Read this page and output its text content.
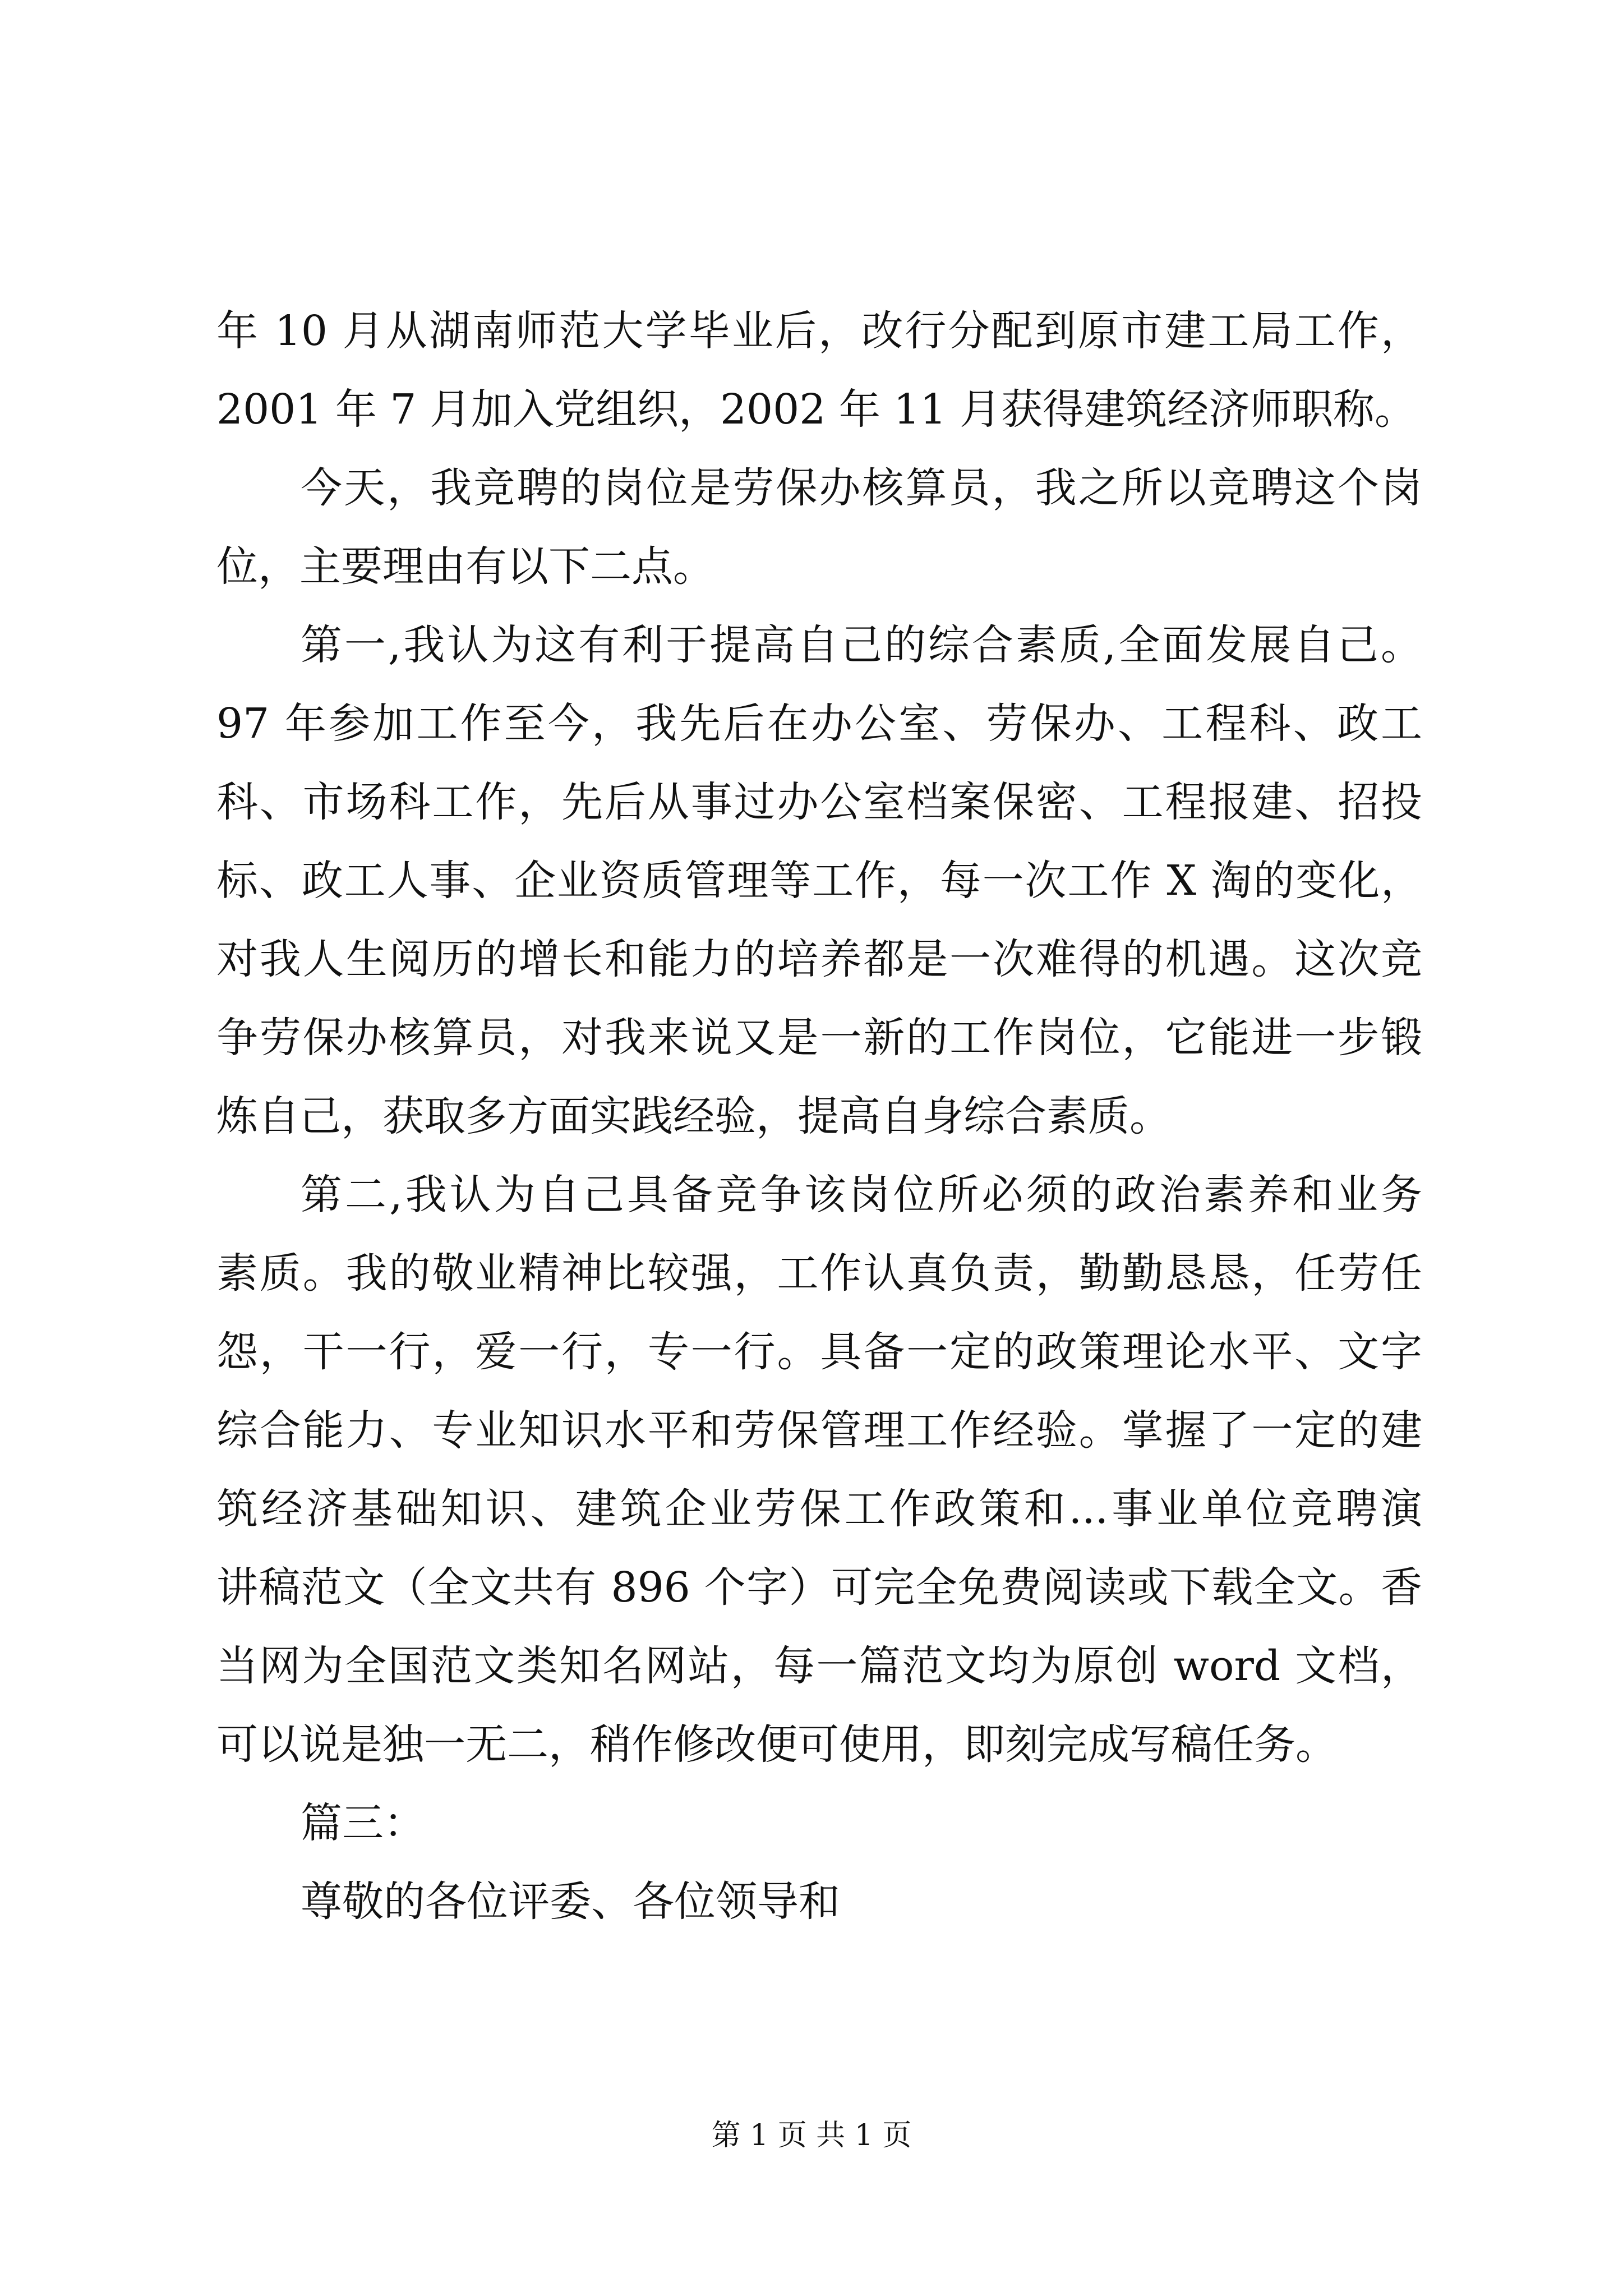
年 10 月从湖南师范大学毕业后，改行分配到原市建工局工作，
2001 年 7 月加入党组织，2002 年 11 月获得建筑经济师职称。
今天，我竞聘的岗位是劳保办核算员，我之所以竞聘这个岗
位，主要理由有以下二点。
第一,我认为这有利于提高自己的综合素质,全面发展自己。
97 年参加工作至今，我先后在办公室、劳保办、工程科、政工
科、市场科工作，先后从事过办公室档案保密、工程报建、招投
标、政工人事、企业资质管理等工作，每一次工作 X 淘的变化，
对我人生阅历的增长和能力的培养都是一次难得的机遇。这次竞
争劳保办核算员，对我来说又是一新的工作岗位，它能进一步锻
炼自己，获取多方面实践经验，提高自身综合素质。
第二,我认为自己具备竞争该岗位所必须的政治素养和业务
素质。我的敬业精神比较强，工作认真负责，勤勤恳恳，任劳任
怨，干一行，爱一行，专一行。具备一定的政策理论水平、文字
综合能力、专业知识水平和劳保管理工作经验。掌握了一定的建
筑经济基础知识、建筑企业劳保工作政策和...事业单位竞聘演
讲稿范文（全文共有 896 个字）可完全免费阅读或下载全文。香
当网为全国范文类知名网站，每一篇范文均为原创 word 文档，
可以说是独一无二，稍作修改便可使用，即刻完成写稿任务。
篇三：
尊敬的各位评委、各位领导和
第 1 页 共 1 页
